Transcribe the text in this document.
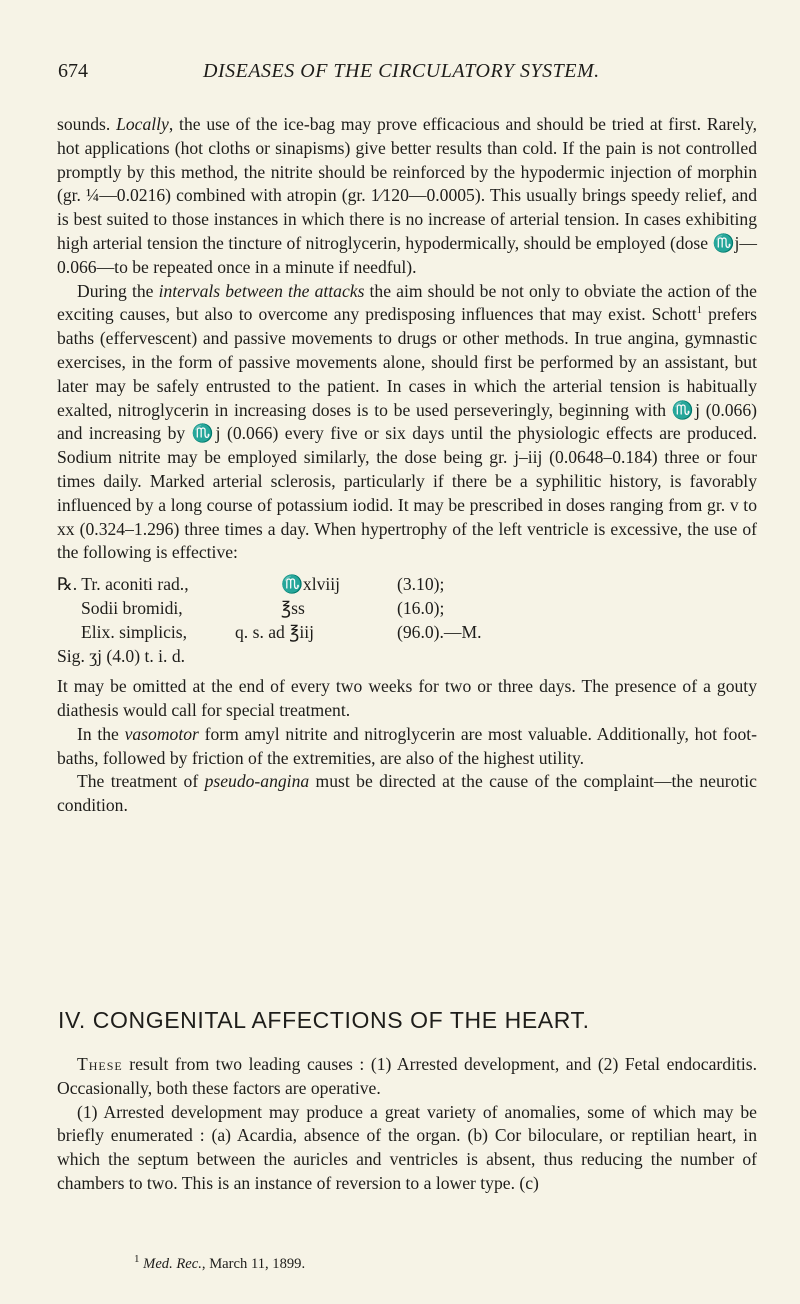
674	DISEASES OF THE CIRCULATORY SYSTEM.

sounds. Locally, the use of the ice-bag may prove efficacious and should be tried at first. Rarely, hot applications (hot cloths or sinapisms) give better results than cold. If the pain is not controlled promptly by this method, the nitrite should be reinforced by the hypodermic injection of morphin (gr. ¼—0.0216) combined with atropin (gr. 1⁄120—0.0005). This usually brings speedy relief, and is best suited to those instances in which there is no increase of arterial tension. In cases exhibiting high arterial tension the tincture of nitroglycerin, hypodermically, should be employed (dose ♏j—0.066—to be repeated once in a minute if needful).

During the intervals between the attacks the aim should be not only to obviate the action of the exciting causes, but also to overcome any predisposing influences that may exist. Schott$^1$ prefers baths (effervescent) and passive movements to drugs or other methods. In true angina, gymnastic exercises, in the form of passive movements alone, should first be performed by an assistant, but later may be safely entrusted to the patient. In cases in which the arterial tension is habitually exalted, nitroglycerin in increasing doses is to be used perseveringly, beginning with ♏j (0.066) and increasing by ♏j (0.066) every five or six days until the physiologic effects are produced. Sodium nitrite may be employed similarly, the dose being gr. j–iij (0.0648–0.184) three or four times daily. Marked arterial sclerosis, particularly if there be a syphilitic history, is favorably influenced by a long course of potassium iodid. It may be prescribed in doses ranging from gr. v to xx (0.324–1.296) three times a day. When hypertrophy of the left ventricle is excessive, the use of the following is effective:

℞. Tr. aconiti rad.,	♏xlviij	(3.10);
Sodii bromidi,	℥ss	(16.0);
Elix. simplicis,	q. s. ad ℥iij	(96.0).—M.
Sig. ʒj (4.0) t. i. d.

It may be omitted at the end of every two weeks for two or three days. The presence of a gouty diathesis would call for special treatment.

In the vasomotor form amyl nitrite and nitroglycerin are most valuable. Additionally, hot foot-baths, followed by friction of the extremities, are also of the highest utility.

The treatment of pseudo-angina must be directed at the cause of the complaint—the neurotic condition.

IV. CONGENITAL AFFECTIONS OF THE HEART.

These result from two leading causes : (1) Arrested development, and (2) Fetal endocarditis. Occasionally, both these factors are operative.

(1) Arrested development may produce a great variety of anomalies, some of which may be briefly enumerated : (a) Acardia, absence of the organ. (b) Cor biloculare, or reptilian heart, in which the septum between the auricles and ventricles is absent, thus reducing the number of chambers to two. This is an instance of reversion to a lower type. (c)

$^1$ Med. Rec., March 11, 1899.
